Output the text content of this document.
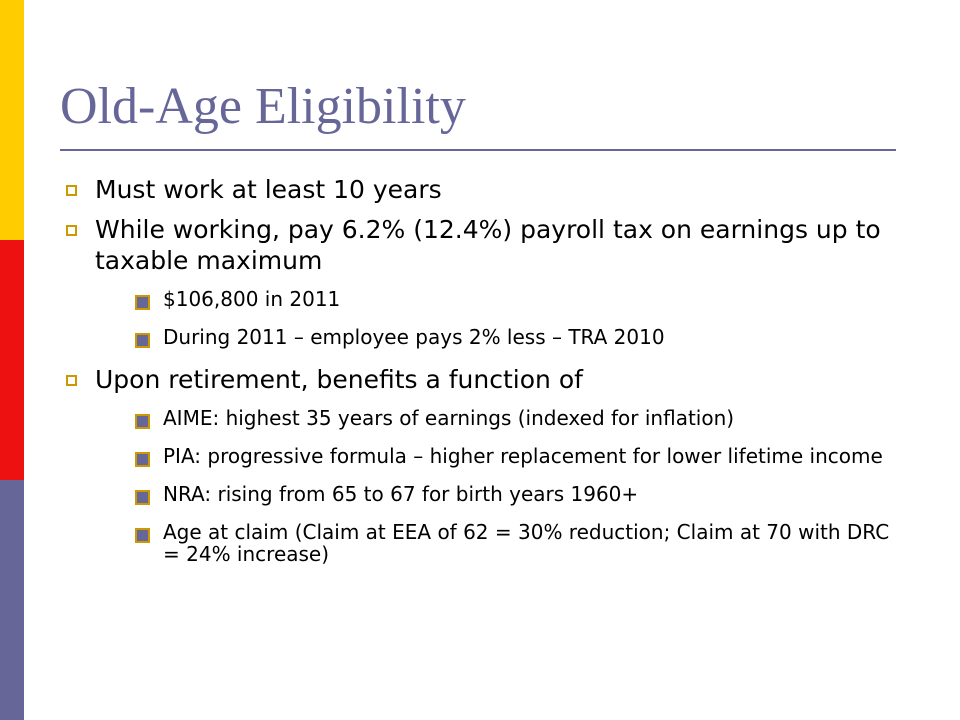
Old-Age Eligibility
Must work at least 10 years
While working, pay 6.2% (12.4%) payroll tax on earnings up to taxable maximum
$106,800 in 2011
During 2011 – employee pays 2% less – TRA 2010
Upon retirement, benefits a function of
AIME: highest 35 years of earnings (indexed for inflation)
PIA: progressive formula – higher replacement for lower lifetime income
NRA: rising from 65 to 67 for birth years 1960+
Age at claim (Claim at EEA of 62 = 30% reduction; Claim at 70 with DRC = 24% increase)
